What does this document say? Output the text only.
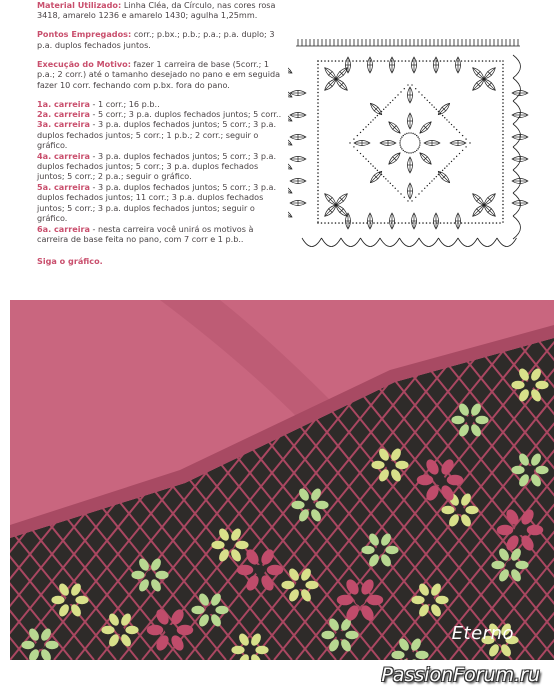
Material Utilizado: Linha Cléa, da Círculo, nas cores rosa 3418, amarelo 1236 e amarelo 1430; agulha 1,25mm.

Pontos Empregados: corr.; p.bx.; p.b.; p.a.; p.a. duplo; 3 p.a. duplos fechados juntos.

Execução do Motivo: fazer 1 carreira de base (5corr.; 1 p.a.; 2 corr.) até o tamanho desejado no pano e em seguida fazer 10 corr. fechando com p.bx. fora do pano.

1a. carreira - 1 corr.; 16 p.b..

2a. carreira - 5 corr.; 3 p.a. duplos fechados juntos; 5 corr..

3a. carreira - 3 p.a. duplos fechados juntos; 5 corr.; 3 p.a. duplos fechados juntos; 5 corr.; 1 p.b.; 2 corr.; seguir o gráfico.

4a. carreira - 3 p.a. duplos fechados juntos; 5 corr.; 3 p.a. duplos fechados juntos; 5 corr.; 3 p.a. duplos fechados juntos; 5 corr.; 2 p.a.; seguir o gráfico.

5a. carreira - 3 p.a. duplos fechados juntos; 5 corr.; 3 p.a. duplos fechados juntos; 11 corr.; 3 p.a. duplos fechados juntos; 5 corr.; 3 p.a. duplos fechados juntos; seguir o gráfico.

6a. carreira - nesta carreira você unirá os motivos à carreira de base feita no pano, com 7 corr e 1 p.b..

Siga o gráfico.
Eterno
PassionForum.ru
